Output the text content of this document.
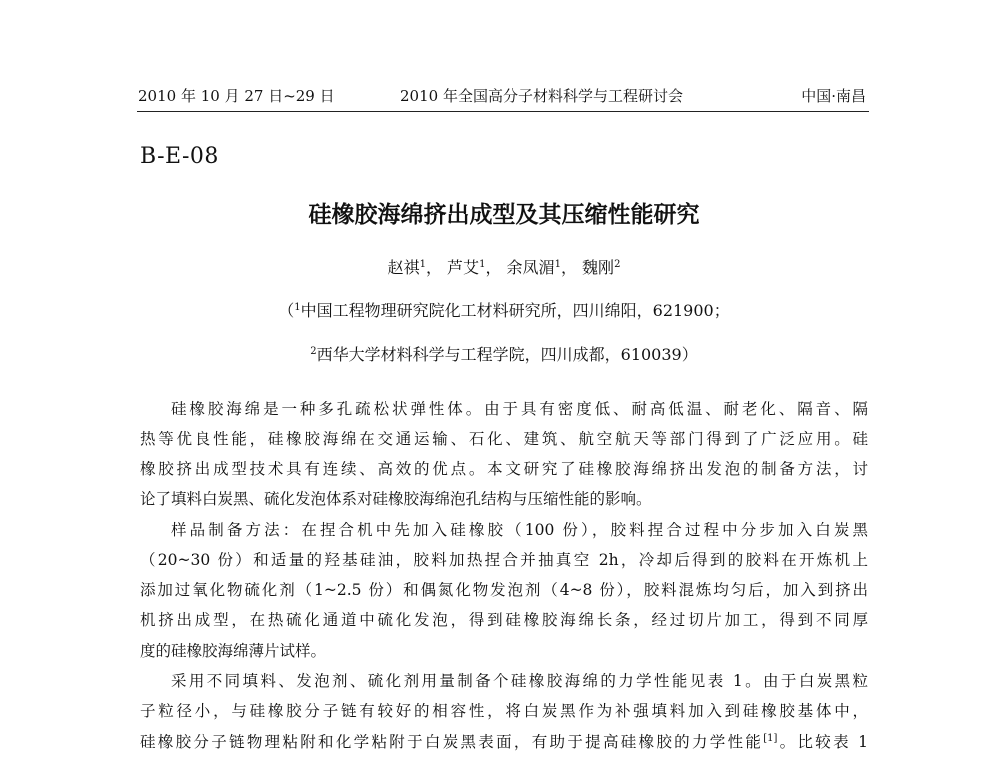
2010 年 10 月 27 日~29 日	2010 年全国高分子材料科学与工程研讨会	中国·南昌
B-E-08
硅橡胶海绵挤出成型及其压缩性能研究
赵祺$^1$， 芦艾$^1$， 余凤湄$^1$， 魏刚$^2$
（$^1$中国工程物理研究院化工材料研究所，四川绵阳，621900；
$^2$西华大学材料科学与工程学院，四川成都，610039）
硅橡胶海绵是一种多孔疏松状弹性体。由于具有密度低、耐高低温、耐老化、隔音、隔
热等优良性能，硅橡胶海绵在交通运输、石化、建筑、航空航天等部门得到了广泛应用。硅
橡胶挤出成型技术具有连续、高效的优点。本文研究了硅橡胶海绵挤出发泡的制备方法，讨
论了填料白炭黑、硫化发泡体系对硅橡胶海绵泡孔结构与压缩性能的影响。
样品制备方法：在捏合机中先加入硅橡胶（100 份），胶料捏合过程中分步加入白炭黑
（20~30 份）和适量的羟基硅油，胶料加热捏合并抽真空 2h，冷却后得到的胶料在开炼机上
添加过氧化物硫化剂（1~2.5 份）和偶氮化物发泡剂（4~8 份），胶料混炼均匀后，加入到挤出
机挤出成型，在热硫化通道中硫化发泡，得到硅橡胶海绵长条，经过切片加工，得到不同厚
度的硅橡胶海绵薄片试样。
采用不同填料、发泡剂、硫化剂用量制备个硅橡胶海绵的力学性能见表 1。由于白炭黑粒
子粒径小，与硅橡胶分子链有较好的相容性，将白炭黑作为补强填料加入到硅橡胶基体中，
硅橡胶分子链物理粘附和化学粘附于白炭黑表面，有助于提高硅橡胶的力学性能[1]。比较表 1
